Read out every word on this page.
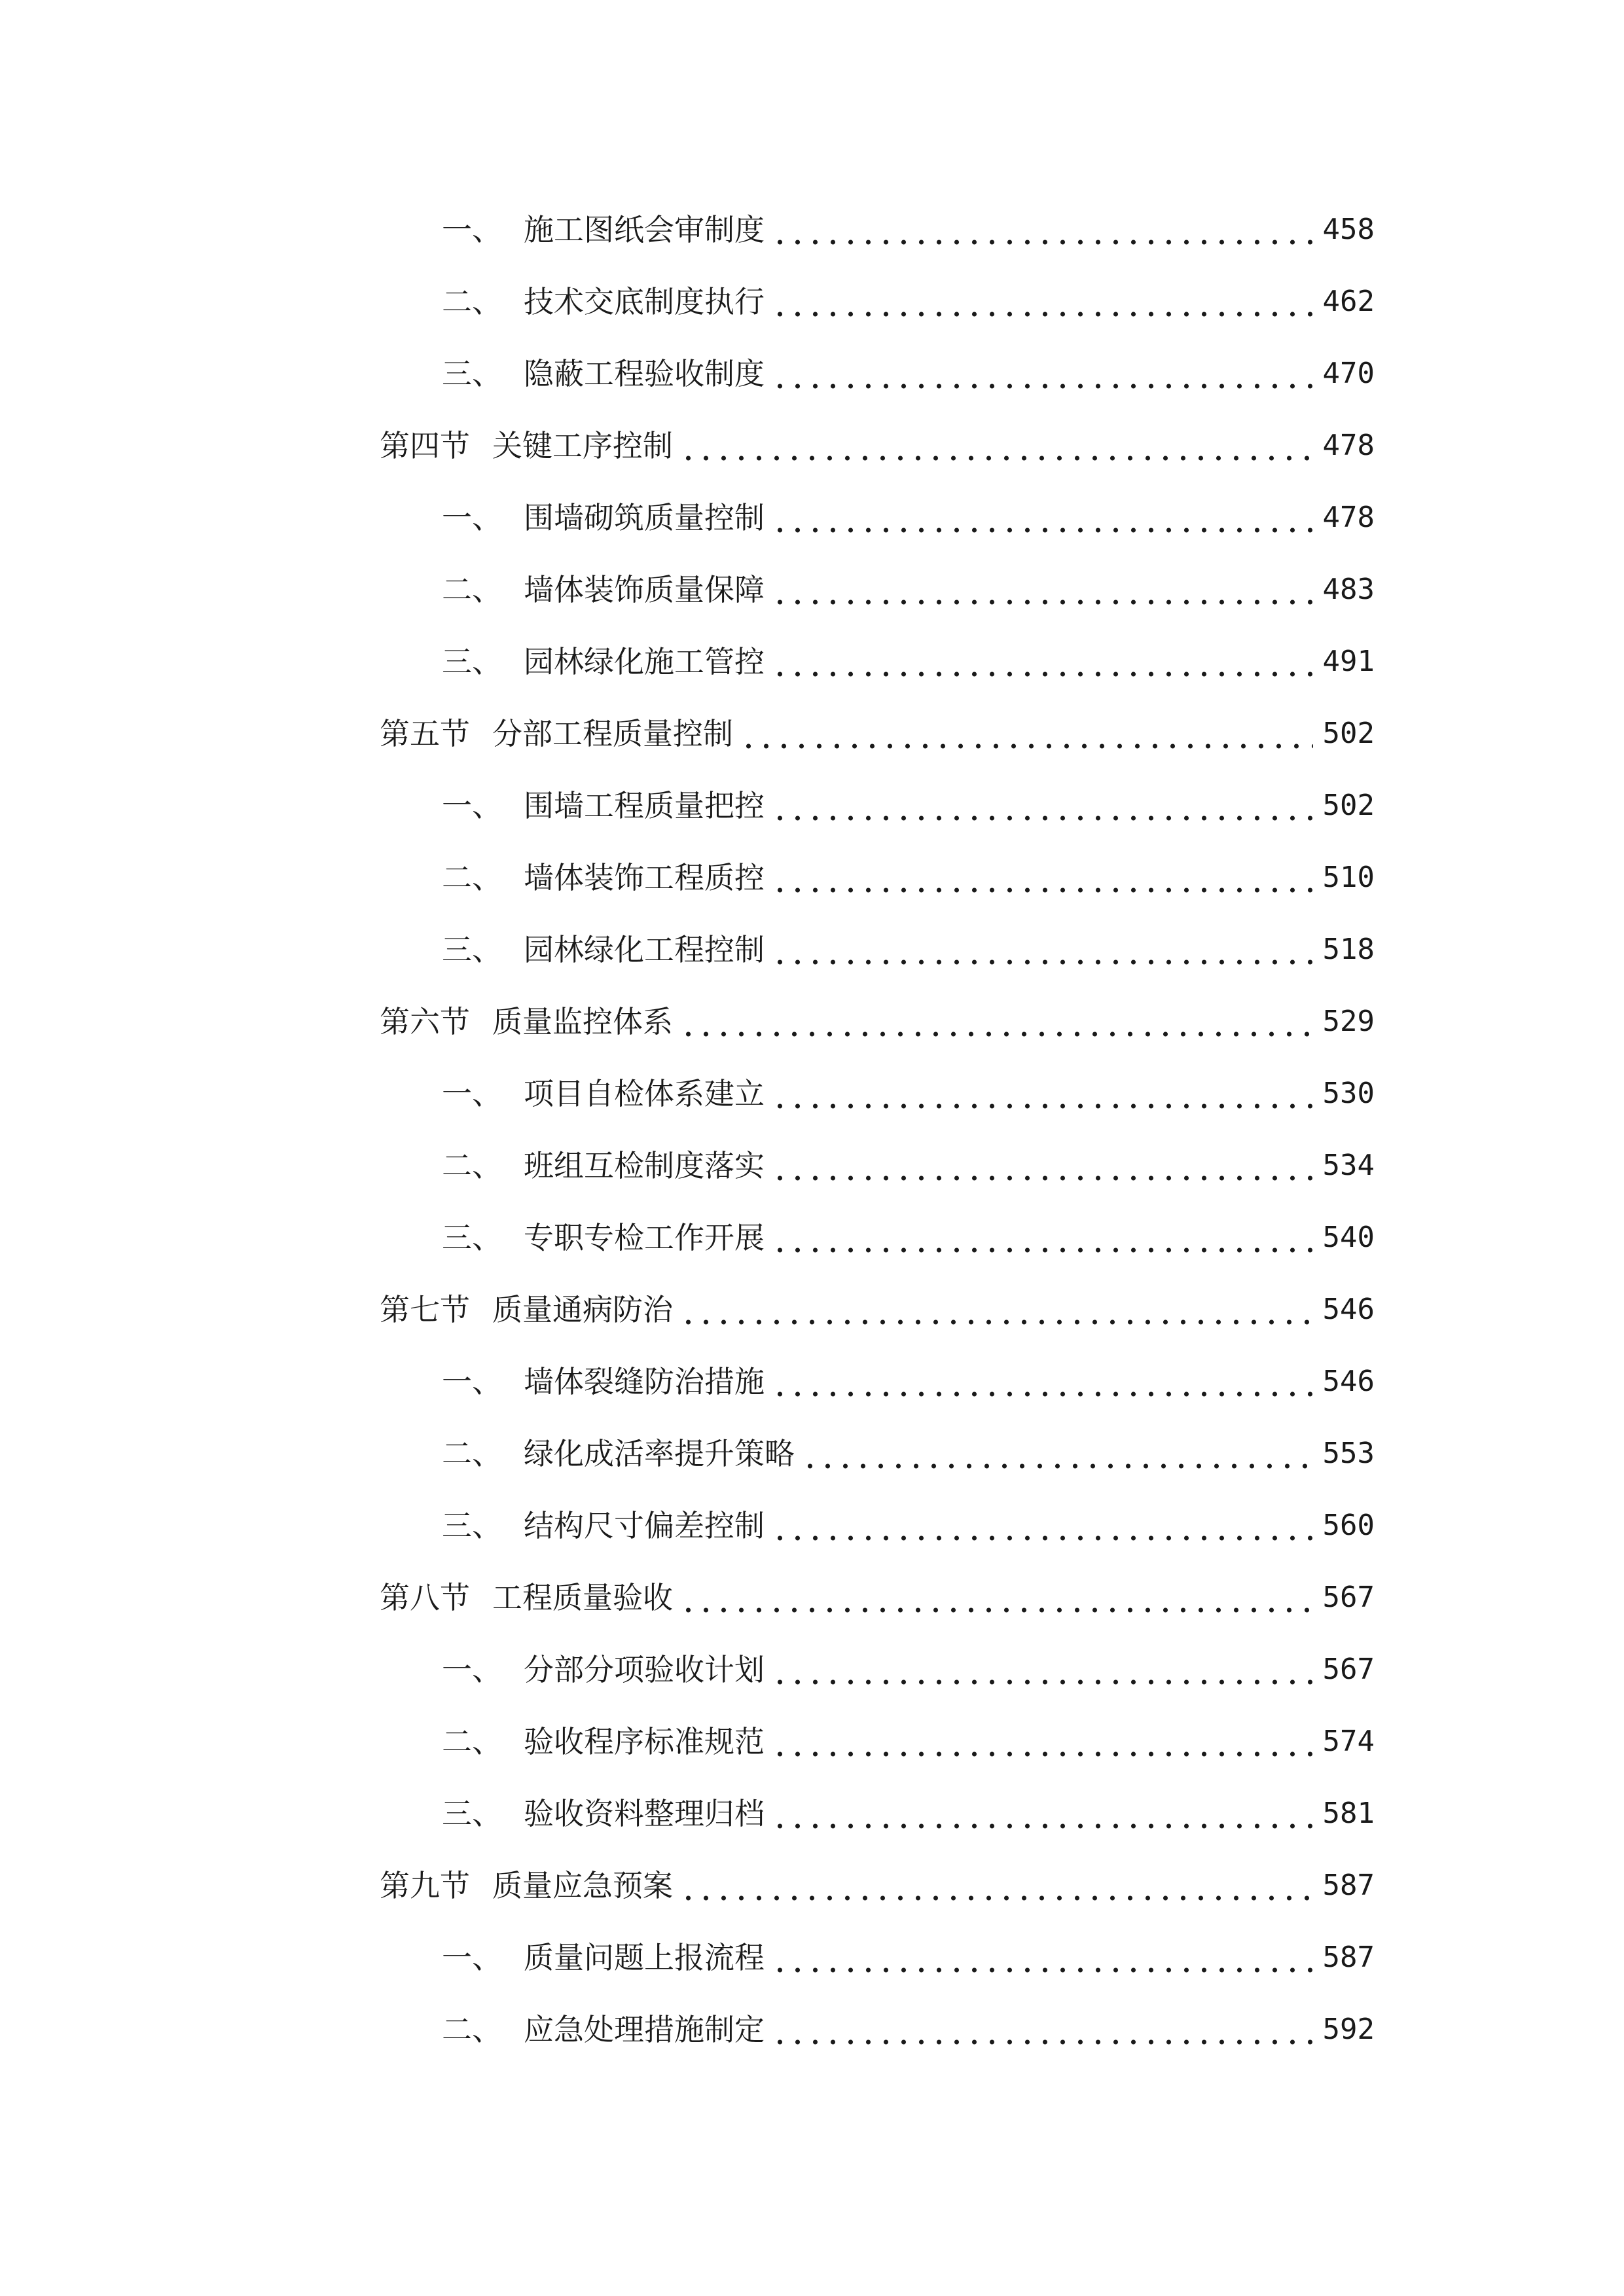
一、 施工图纸会审制度	458
二、 技术交底制度执行	462
三、 隐蔽工程验收制度	470
第四节 关键工序控制	478
一、 围墙砌筑质量控制	478
二、 墙体装饰质量保障	483
三、 园林绿化施工管控	491
第五节 分部工程质量控制	502
一、 围墙工程质量把控	502
二、 墙体装饰工程质控	510
三、 园林绿化工程控制	518
第六节 质量监控体系	529
一、 项目自检体系建立	530
二、 班组互检制度落实	534
三、 专职专检工作开展	540
第七节 质量通病防治	546
一、 墙体裂缝防治措施	546
二、 绿化成活率提升策略	553
三、 结构尺寸偏差控制	560
第八节 工程质量验收	567
一、 分部分项验收计划	567
二、 验收程序标准规范	574
三、 验收资料整理归档	581
第九节 质量应急预案	587
一、 质量问题上报流程	587
二、 应急处理措施制定	592
